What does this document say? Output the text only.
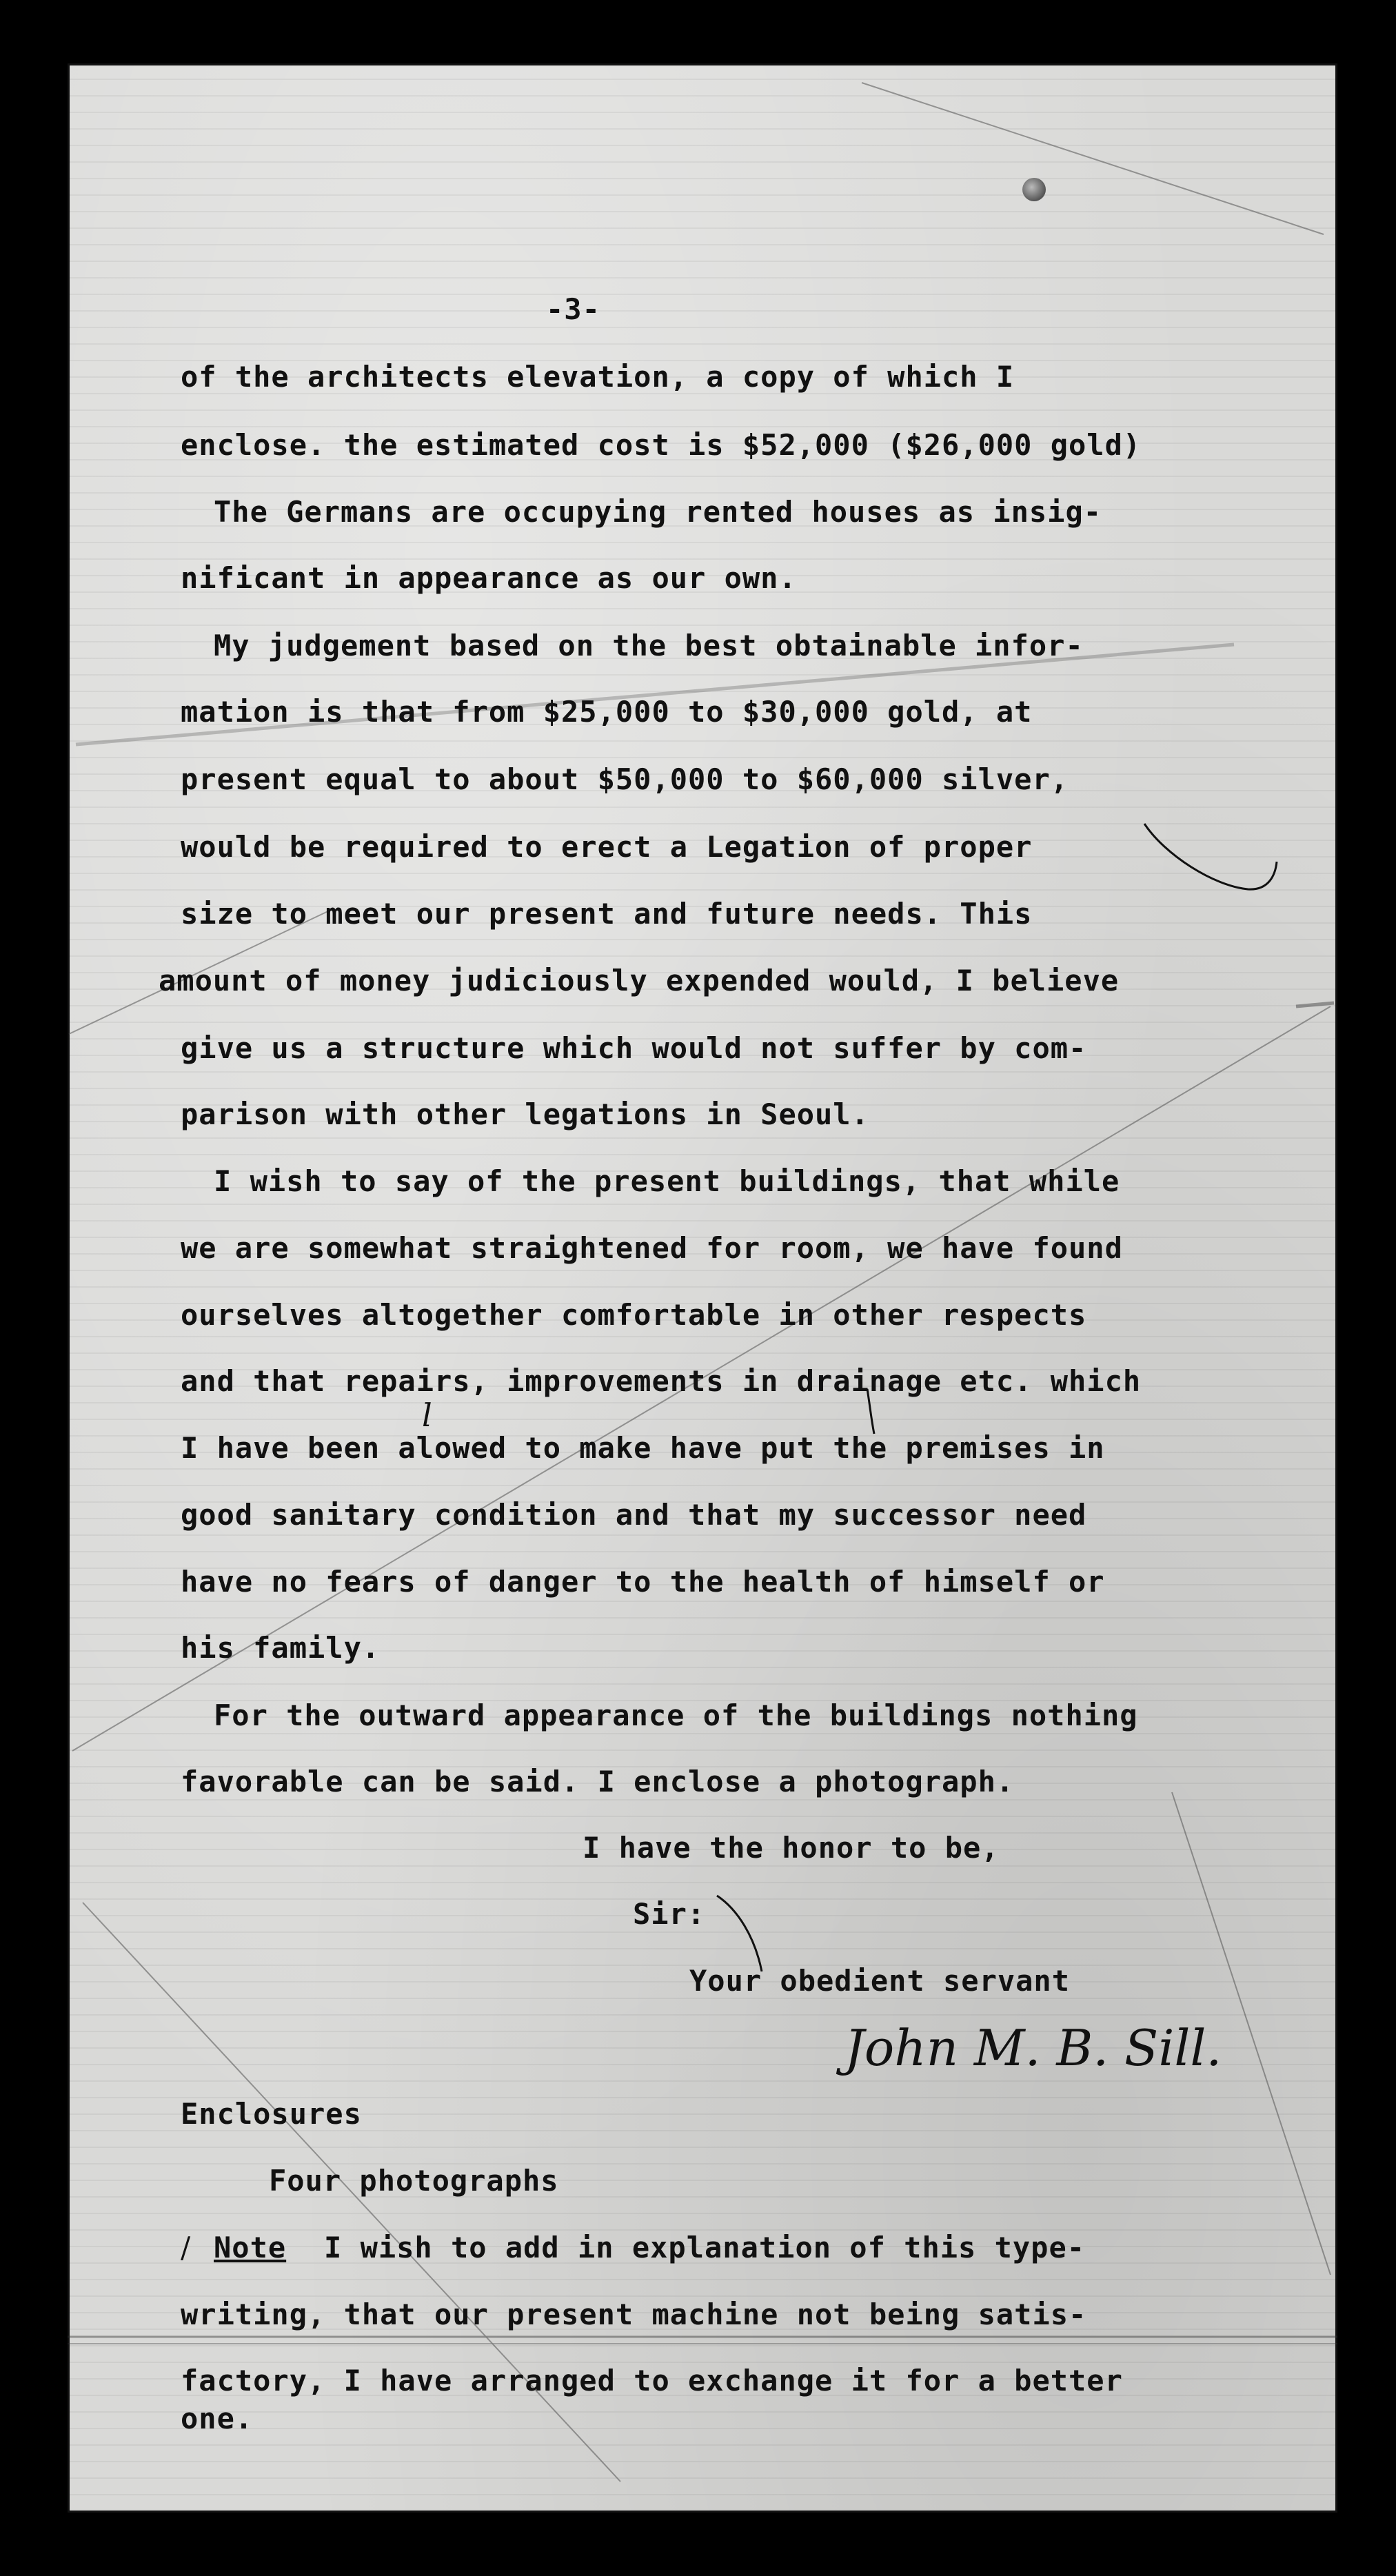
-3-

of the architects elevation, a copy of which I

enclose. the estimated cost is $52,000 ($26,000 gold)

The Germans are occupying rented houses as insig-

nificant in appearance as our own.

My judgement based on the best obtainable infor-

mation is that from $25,000 to $30,000 gold, at

present equal to about $50,000 to $60,000 silver,

would be required to erect a Legation of proper

size to meet our present and future needs. This

amount of money judiciously expended would, I believe

give us a structure which would not suffer by com-

parison with other legations in Seoul.

I wish to say of the present buildings, that while

we are somewhat straightened for room, we have found

ourselves altogether comfortable in other respects

and that repairs, improvements in drainage etc. which

I have been alowed to make have put the premises in

good sanitary condition and that my successor need

have no fears of danger to the health of himself or

his family.

For the outward appearance of the buildings nothing

favorable can be said. I enclose a photograph.

l

I have the honor to be,

Sir:

Your obedient servant

John M. B. Sill.

Enclosures

Four photographs

/ Note I wish to add in explanation of this type-

writing, that our present machine not being satis-

factory, I have arranged to exchange it for a better

one.
